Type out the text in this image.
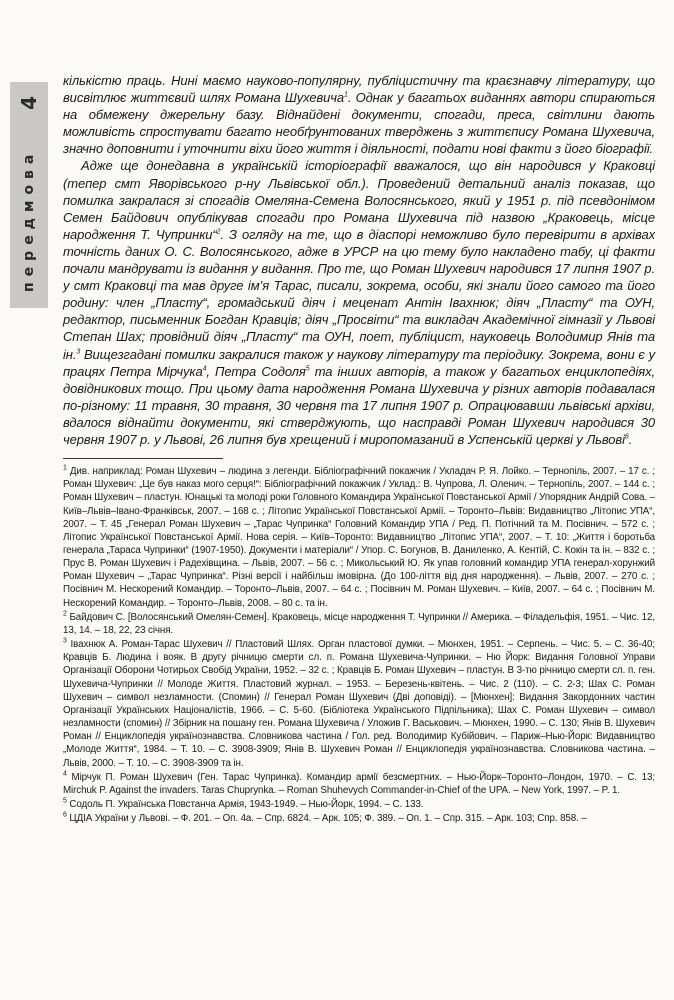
передмова
4

кількістю праць. Нині маємо науково-популярну, публіцистичну та краєзнавчу літературу, що висвітлює життєвий шлях Романа Шухевича$^1$. Однак у багатьох виданнях автори спираються на обмежену джерельну базу. Віднайдені документи, спогади, преса, світлини дають можливість спростувати багато необґрунтованих тверджень з життєпису Романа Шухевича, значно доповнити і уточнити віхи його життя і діяльності, подати нові факти з його біографії.

Адже ще донедавна в українській історіографії вважалося, що він народився у Краковці (тепер смт Яворівського р-ну Львівської обл.). Проведений детальний аналіз показав, що помилка закралася зі спогадів Омеляна-Семена Волосянського, який у 1951 р. під псевдонімом Семен Байдович опублікував спогади про Романа Шухевича під назвою „Краковець, місце народження Т. Чупринки“$^2$. З огляду на те, що в діаспорі неможливо було перевірити в архівах точність даних О. С. Волосянського, адже в УРСР на цю тему було накладено табу, ці факти почали мандрувати із видання у видання. Про те, що Роман Шухевич народився 17 липня 1907 р. у смт Краковці та мав друге ім’я Тарас, писали, зокрема, особи, які знали його самого та його родину: член „Пласту“, громадський діяч і меценат Антін Івахнюк; діяч „Пласту“ та ОУН, редактор, письменник Богдан Кравців; діяч „Просвіти“ та викладач Академічної гімназії у Львові Степан Шах; провідний діяч „Пласту“ та ОУН, поет, публіцист, науковець Володимир Янів та ін.$^3$ Вищезгадані помилки закралися також у наукову літературу та періодику. Зокрема, вони є у працях Петра Мірчука$^4$, Петра Содоля$^5$ та інших авторів, а також у багатьох енциклопедіях, довідникових тощо. При цьому дата народження Романа Шухевича у різних авторів подавалася по-різному: 11 травня, 30 травня, 30 червня та 17 липня 1907 р. Опрацювавши львівські архіви, вдалося віднайти документи, які стверджують, що насправді Роман Шухевич народився 30 червня 1907 р. у Львові, 26 липня був хрещений і миропомазаний в Успенській церкві у Львові$^6$.

$^1$ Див. наприклад: Роман Шухевич – людина з легенди. Бібліографічний покажчик / Укладач Р. Я. Лойко. – Тернопіль, 2007. – 17 с. ; Роман Шухевич: „Це був наказ мого серця!“: Бібліографічний покажчик / Уклад.: В. Чупрова, Л. Оленич. – Тернопіль, 2007. – 144 с. ; Роман Шухевич – пластун. Юнацькі та молоді роки Головного Командира Української Повстанської Армії / Упорядник Андрій Сова. – Київ–Львів–Івано-Франківськ, 2007. – 168 с. ; Літопис Української Повстанської Армії. – Торонто–Львів: Видавництво „Літопис УПА“, 2007. – Т. 45 „Генерал Роман Шухевич – „Тарас Чупринка“ Головний Командир УПА / Ред. П. Потічний та М. Посівнич. – 572 с. ; Літопис Української Повстанської Армії. Нова серія. – Київ–Торонто: Видавництво „Літопис УПА“, 2007. – Т. 10: „Життя і боротьба генерала „Тараса Чупринки“ (1907-1950). Документи і матеріали“ / Упор. С. Богунов, В. Даниленко, А. Кентій, С. Кокін та ін. – 832 с. ; Прус В. Роман Шухевич і Радехівщина. – Львів, 2007. – 56 с. ; Микольський Ю. Як упав головний командир УПА генерал-хорунжий Роман Шухевич – „Тарас Чупринка“. Різні версії і найбільш імовірна. (До 100-ліття від дня народження). – Львів, 2007. – 270 с. ; Посівнич М. Нескорений Командир. – Торонто–Львів, 2007. – 64 с. ; Посівнич М. Роман Шухевич. – Київ, 2007. – 64 с. ; Посівнич М. Нескорений Командир. – Торонто–Львів, 2008. – 80 с. та ін.

$^2$ Байдович С. [Волосянський Омелян-Семен]. Краковець, місце народження Т. Чупринки // Америка. – Філадельфія, 1951. – Чис. 12, 13, 14. – 18, 22, 23 січня.

$^3$ Івахнюк А. Роман-Тарас Шухевич // Пластовий Шлях. Орган пластової думки. – Мюнхен, 1951. – Серпень. – Чис. 5. – С. 36-40; Кравців Б. Людина і вояк. В другу річницю смерти сл. п. Романа Шухевича-Чупринки. – Ню Йорк: Видання Головної Управи Організації Оборони Чотирьох Свобід України, 1952. – 32 с. ; Кравців Б. Роман Шухевич – пластун. В 3-тю річницю смерти сл. п. ген. Шухевича-Чупринки // Молоде Життя. Пластовий журнал. – 1953. – Березень-квітень. – Чис. 2 (110). – С. 2-3; Шах С. Роман Шухевич – символ незламности. (Спомин) // Генерал Роман Шухевич (Дві доповіді). – [Мюнхен]: Видання Закордонних частин Організації Українських Націоналістів, 1966. – С. 5-60. (Бібліотека Українського Підпільника); Шах С. Роман Шухевич – символ незламности (спомин) // Збірник на пошану ген. Романа Шухевича / Уложив Г. Васькович. – Мюнхен, 1990. – С. 130; Янів В. Шухевич Роман // Енциклопедія українознавства. Словникова частина / Гол. ред. Володимир Кубійович. – Париж–Нью-Йорк: Видавництво „Молоде Життя“, 1984. – Т. 10. – С. 3908-3909; Янів В. Шухевич Роман // Енциклопедія українознавства. Словникова частина. – Львів, 2000. – Т. 10. – С. 3908-3909 та ін.

$^4$ Мірчук П. Роман Шухевич (Ген. Тарас Чупринка). Командир армії безсмертних. – Нью-Йорк–Торонто–Лондон, 1970. – С. 13; Mirchuk P. Against the invaders. Taras Chuprynka. – Roman Shuhevych Commander-in-Chief of the UPA. – New York, 1997. – P. 1.

$^5$ Содоль П. Українська Повстанча Армія, 1943-1949. – Нью-Йорк, 1994. – С. 133.

$^6$ ЦДІА України у Львові. – Ф. 201. – Оп. 4а. – Спр. 6824. – Арк. 105; Ф. 389. – Оп. 1. – Спр. 315. – Арк. 103; Спр. 858. –
